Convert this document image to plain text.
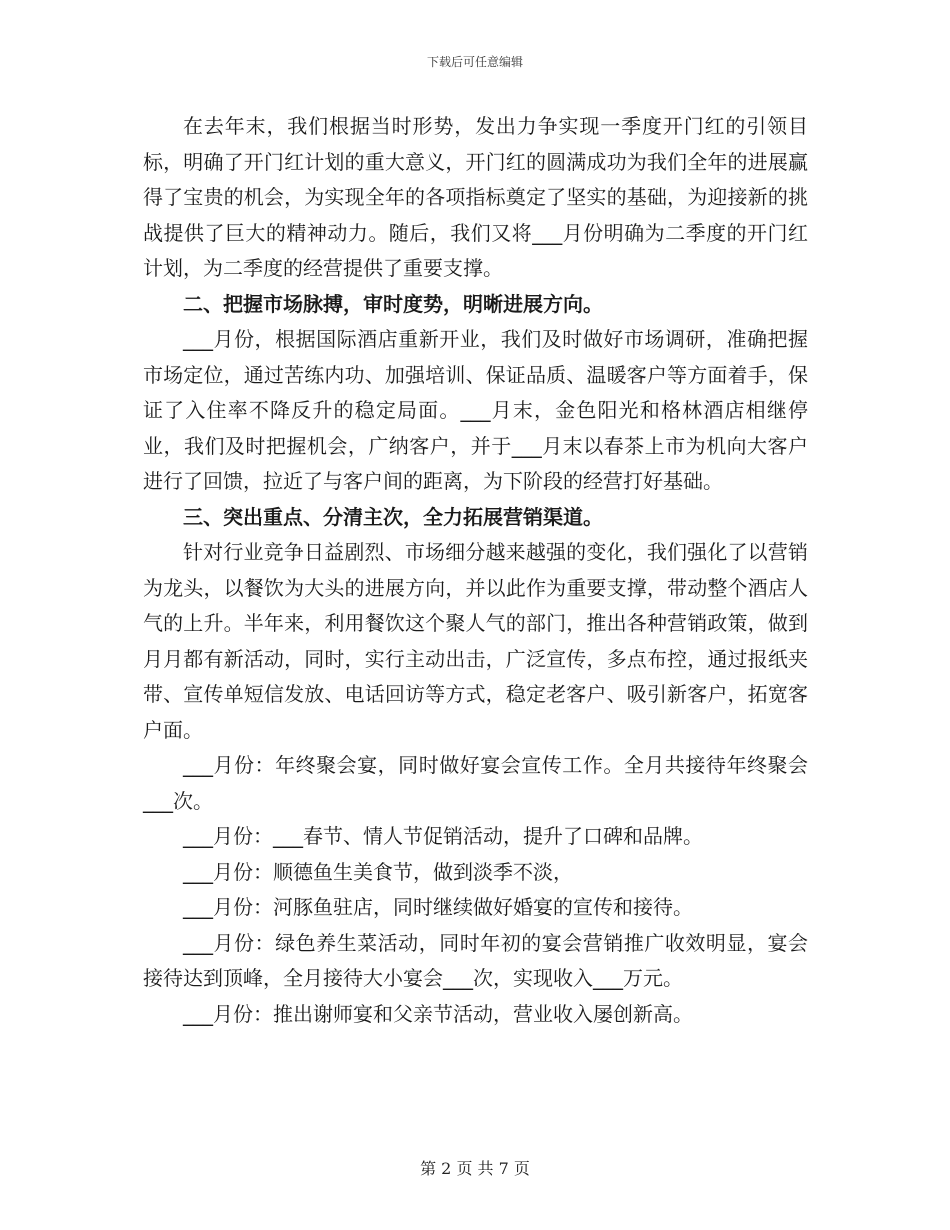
下载后可任意编辑

在去年末，我们根据当时形势，发出力争实现一季度开门红的引领目标，明确了开门红计划的重大意义，开门红的圆满成功为我们全年的进展赢得了宝贵的机会，为实现全年的各项指标奠定了坚实的基础，为迎接新的挑战提供了巨大的精神动力。随后，我们又将___月份明确为二季度的开门红计划，为二季度的经营提供了重要支撑。

二、把握市场脉搏，审时度势，明晰进展方向。

___月份，根据国际酒店重新开业，我们及时做好市场调研，准确把握市场定位，通过苦练内功、加强培训、保证品质、温暖客户等方面着手，保证了入住率不降反升的稳定局面。___月末，金色阳光和格林酒店相继停业，我们及时把握机会，广纳客户，并于___月末以春茶上市为机向大客户进行了回馈，拉近了与客户间的距离，为下阶段的经营打好基础。

三、突出重点、分清主次，全力拓展营销渠道。

针对行业竞争日益剧烈、市场细分越来越强的变化，我们强化了以营销为龙头，以餐饮为大头的进展方向，并以此作为重要支撑，带动整个酒店人气的上升。半年来，利用餐饮这个聚人气的部门，推出各种营销政策，做到月月都有新活动，同时，实行主动出击，广泛宣传，多点布控，通过报纸夹带、宣传单短信发放、电话回访等方式，稳定老客户、吸引新客户，拓宽客户面。

___月份：年终聚会宴，同时做好宴会宣传工作。全月共接待年终聚会___次。

___月份：___春节、情人节促销活动，提升了口碑和品牌。

___月份：顺德鱼生美食节，做到淡季不淡，

___月份：河豚鱼驻店，同时继续做好婚宴的宣传和接待。

___月份：绿色养生菜活动，同时年初的宴会营销推广收效明显，宴会接待达到顶峰，全月接待大小宴会___次，实现收入___万元。

___月份：推出谢师宴和父亲节活动，营业收入屡创新高。

第 2 页 共 7 页
